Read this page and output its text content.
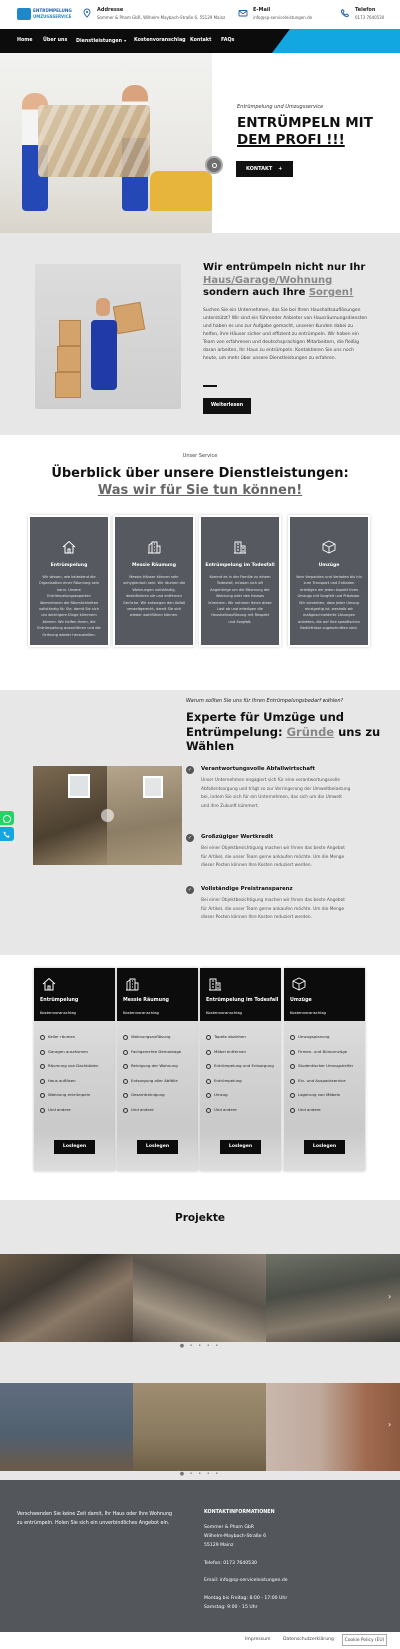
ENTRÜMPELUNG
UMZUGSSERVICE
Addresse
Sommer & Pham GbR, Wilhelm-Maybach-Straße 6, 55129 Mainz
E-Mail
info@sp-serviceleistungen.de
Telefon
0173 7640530
Home Über uns Dienstleistungen ▾ Kostenvoranschlag Kontakt FAQs
Entrümpelung und Umzugsservice
ENTRÜMPELN MIT
DEM PROFI !!!
KONTAKT +
Wir entrümpeln nicht nur Ihr
Haus/Garage/Wohnung
sondern auch Ihre Sorgen!
Suchen Sie ein Unternehmen, das Sie bei Ihren Haushaltsauflösungen unterstützt? Wir sind ein führender Anbieter von Hausräumungsdiensten und haben es uns zur Aufgabe gemacht, unseren Kunden dabei zu helfen, ihre Häuser sicher und effizient zu entrümpeln. Wir haben ein Team von erfahrenen und deutschsprachigen Mitarbeitern, die fleißig daran arbeiten, Ihr Haus zu entrümpeln. Kontaktieren Sie uns noch heute, um mehr über unsere Dienstleistungen zu erfahren.
Weiterlesen
Unser Service
Überblick über unsere Dienstleistungen:
Was wir für Sie tun können!
Entrümpelung
Wir wissen, wie belastend die Organisation einer Räumung sein kann. Unsere Entrümpelungsexperten übernehmen die Räumlichkeiten vollständig für Sie, damit Sie sich um wichtigere Dinge kümmern können. Wir helfen Ihnen, die Entrümpelung auszuführen und die Ordnung wieder herzustellen.
Messie Räumung
Messie-Häuser können sehr unhygienisch sein. Wir räumen die Wohnungen vollständig, desinfizieren sie und entfernen Gerüche. Wir entsorgen den Abfall umweltgerecht, damit Sie sich wieder wohlfühlen können.
Entrümpelung im Todesfall
Kommt es in der Familie zu einem Todesfall, müssen sich oft Angehörige um die Räumung der Wohnung oder des Hauses kümmern. Wir nehmen Ihnen diese Last ab und erledigen die Haushaltsauflösung mit Respekt und Sorgfalt.
Umzüge
Vom Verpacken und Verladen bis hin zum Transport und Entladen erledigen wir jeden Aspekt Ihres Umzugs mit Sorgfalt und Präzision. Wir verstehen, dass jeder Umzug einzigartig ist, weshalb wir maßgeschneiderte Lösungen anbieten, die auf Ihre spezifischen Bedürfnisse zugeschnitten sind.
Warum sollten Sie uns für Ihren Entrümpelungsbedarf wählen?
Experte für Umzüge und
Entrümpelung: Gründe uns zu
Wählen
✓	Verantwortungsvolle Abfallwirtschaft
Unser Unternehmen engagiert sich für eine verantwortungsvolle Abfallentsorgung und trägt so zur Verringerung der Umweltbelastung bei, indem Sie sich für ein Unternehmen, das sich um die Umwelt und ihre Zukunft kümmert.
✓	Großzügiger Wertkredit
Bei einer Objektbesichtigung machen wir Ihnen das beste Angebot für Artikel, die unser Team gerne ankaufen möchte. Um die Menge dieser Posten können Ihre Kosten reduziert werden.
✓	Vollständige Preistransparenz
Bei einer Objektbesichtigung machen wir Ihnen das beste Angebot für Artikel, die unser Team gerne ankaufen möchte. Um die Menge dieser Posten können Ihre Kosten reduziert werden.
Entrümpelung
Kostenvoranschlag
Keller räumen
Garagen ausräumen
Räumung von Dachböden
Haus auflösen
Wohnung entrümpeln
Und andere
Loslegen
Messie Räumung
Kostenvoranschlag
Wohnungsauflösung
Fachgerechte Demontage
Reinigung der Wohnung
Entsorgung aller Abfälle
Gesamtreinigung
Und andere
Loslegen
Entrümpelung im Todesfall
Kostenvoranschlag
Tapete abziehen
Möbel entfernen
Entrümpelung und Entsorgung
Entrümpelung
Umzug
Und andere
Loslegen
Umzüge
Kostenvoranschlag
Umzugsplanung
Firmen- und Büroumzüge
Studentischer Umzugshelfer
Ein- und Auspackservice
Lagerung von Möbeln
Und andere
Loslegen
Projekte
● • • • •
›
›
● • • • •
Verschwenden Sie keine Zeit damit, Ihr Haus oder Ihre Wohnung zu entrümpeln. Holen Sie sich ein unverbindliches Angebot ein.
KONTAKTINFORMATIONEN
Sommer & Pham GbR
Wilhelm-Maybach-Straße 6
55129 Mainz
Telefon: 0173 7640530
Email: info@sp-serviceleistungen.de
Montag bis Freitag: 8:00 - 17:00 Uhr
Samstag: 9:00 - 15 Uhr
Impressum	Datenschutzerklärung	Cookie Policy (EU)
